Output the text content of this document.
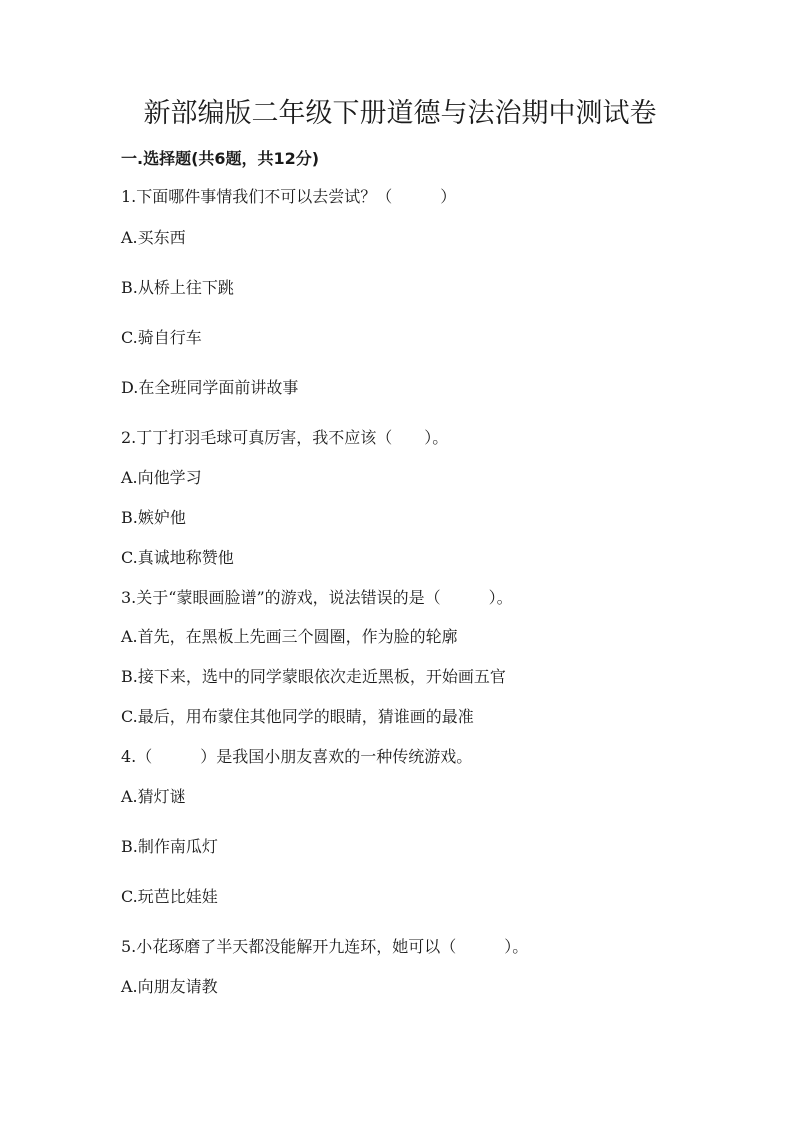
新部编版二年级下册道德与法治期中测试卷
一.选择题(共6题，共12分)
1.下面哪件事情我们不可以去尝试？（　　　）
A.买东西
B.从桥上往下跳
C.骑自行车
D.在全班同学面前讲故事
2.丁丁打羽毛球可真厉害，我不应该（　　）。
A.向他学习
B.嫉妒他
C.真诚地称赞他
3.关于“蒙眼画脸谱”的游戏，说法错误的是（　　　）。
A.首先，在黑板上先画三个圆圈，作为脸的轮廓
B.接下来，选中的同学蒙眼依次走近黑板，开始画五官
C.最后，用布蒙住其他同学的眼睛，猜谁画的最准
4.（　　　）是我国小朋友喜欢的一种传统游戏。
A.猜灯谜
B.制作南瓜灯
C.玩芭比娃娃
5.小花琢磨了半天都没能解开九连环，她可以（　　　）。
A.向朋友请教
